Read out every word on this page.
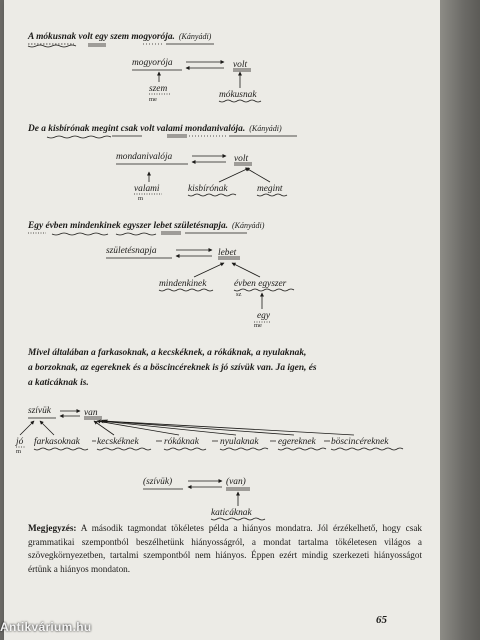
A mókusnak volt egy szem mogyorója. (Kányádi)
mogyorója	volt
szem
me	mókusnak
De a kisbírónak megint csak volt valami mondanivalója. (Kányádi)
mondanivalója	volt
valami
m
kisbírónak	megint
Egy évben mindenkinek egyszer lebet születésnapja. (Kányádi)
születésnapja	lebet
mindenkinek	évben egyszer
sz
egy
me
Mivel általában a farkasoknak, a kecskéknek, a rókáknak, a nyulaknak,
a borzoknak, az egereknek és a böscincéreknek is jó szívük van. Ja igen, és
a katicáknak is.
szívük	van
jó
m
farkasoknak kecskéknek	rókáknak nyulaknak egereknek böscincéreknek
(szívük)	(van)
katicáknak
Megjegyzés: A második tagmondat tökéletes példa a hiányos mondatra. Jól érzékelhető, hogy csak grammatikai szempontból beszélhetünk hiányosságról, a mondat tartalma tökéletesen világos a szövegkörnyezetben, tartalmi szempontból nem hiányos. Éppen ezért mindig szerkezeti hiányosságot értünk a hiányos mondaton.
65
Antikvárium.hu
